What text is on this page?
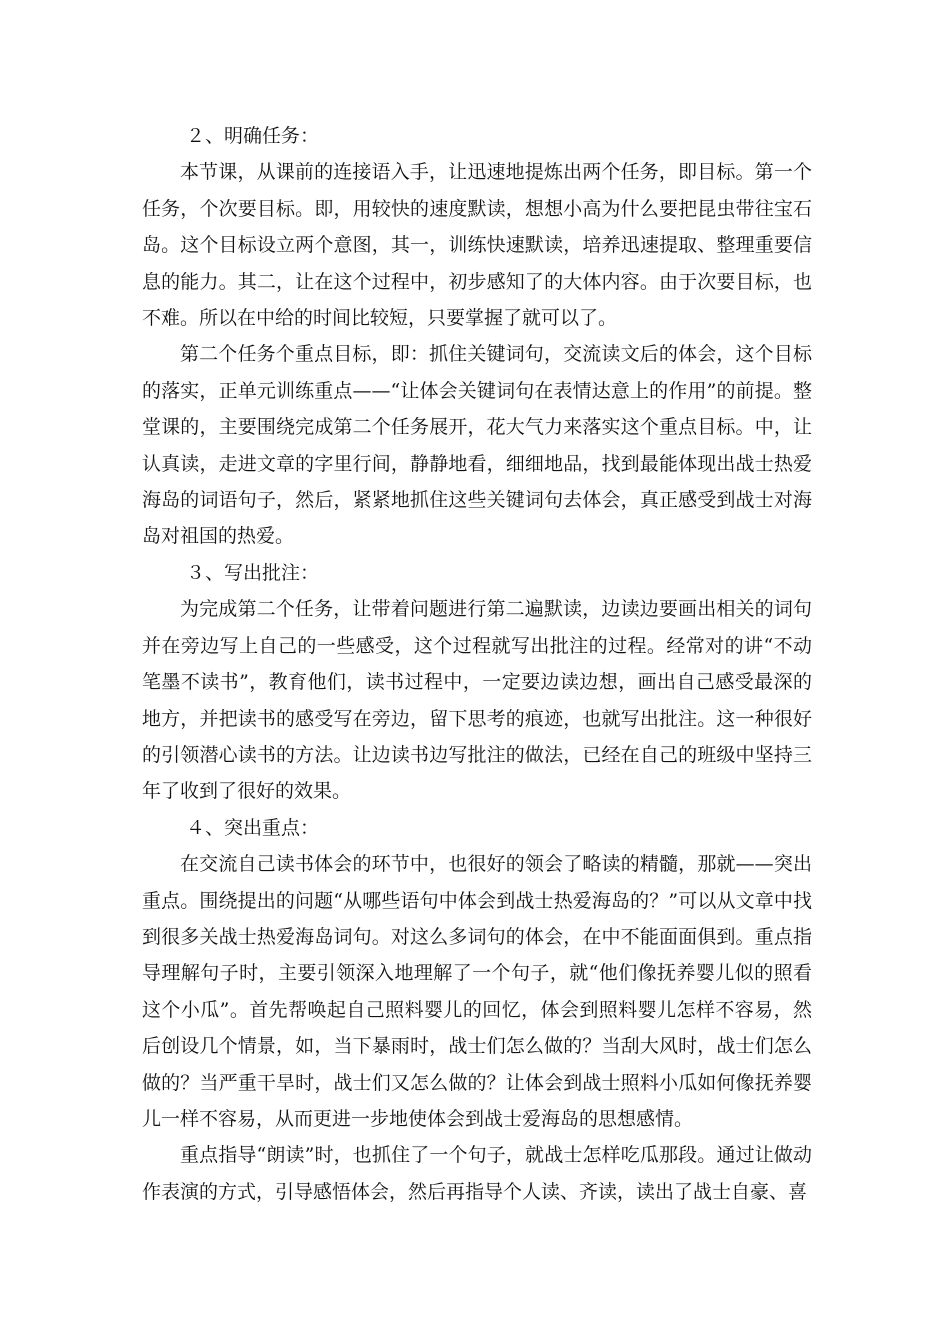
２、明确任务：

本节课，从课前的连接语入手，让迅速地提炼出两个任务，即目标。第一个任务，个次要目标。即，用较快的速度默读，想想小高为什么要把昆虫带往宝石岛。这个目标设立两个意图，其一，训练快速默读，培养迅速提取、整理重要信息的能力。其二，让在这个过程中，初步感知了的大体内容。由于次要目标，也不难。所以在中给的时间比较短，只要掌握了就可以了。

第二个任务个重点目标，即：抓住关键词句，交流读文后的体会，这个目标的落实，正单元训练重点——“让体会关键词句在表情达意上的作用”的前提。整堂课的，主要围绕完成第二个任务展开，花大气力来落实这个重点目标。中，让认真读，走进文章的字里行间，静静地看，细细地品，找到最能体现出战士热爱海岛的词语句子，然后，紧紧地抓住这些关键词句去体会，真正感受到战士对海岛对祖国的热爱。

３、写出批注：

为完成第二个任务，让带着问题进行第二遍默读，边读边要画出相关的词句并在旁边写上自己的一些感受，这个过程就写出批注的过程。经常对的讲“不动笔墨不读书”，教育他们，读书过程中，一定要边读边想，画出自己感受最深的地方，并把读书的感受写在旁边，留下思考的痕迹，也就写出批注。这一种很好的引领潜心读书的方法。让边读书边写批注的做法，已经在自己的班级中坚持三年了收到了很好的效果。

４、突出重点：

在交流自己读书体会的环节中，也很好的领会了略读的精髓，那就——突出重点。围绕提出的问题“从哪些语句中体会到战士热爱海岛的？”可以从文章中找到很多关战士热爱海岛词句。对这么多词句的体会，在中不能面面俱到。重点指导理解句子时，主要引领深入地理解了一个句子，就“他们像抚养婴儿似的照看这个小瓜”。首先帮唤起自己照料婴儿的回忆，体会到照料婴儿怎样不容易，然后创设几个情景，如，当下暴雨时，战士们怎么做的？当刮大风时，战士们怎么做的？当严重干旱时，战士们又怎么做的？让体会到战士照料小瓜如何像抚养婴儿一样不容易，从而更进一步地使体会到战士爱海岛的思想感情。

重点指导“朗读”时，也抓住了一个句子，就战士怎样吃瓜那段。通过让做动作表演的方式，引导感悟体会，然后再指导个人读、齐读，读出了战士自豪、喜
